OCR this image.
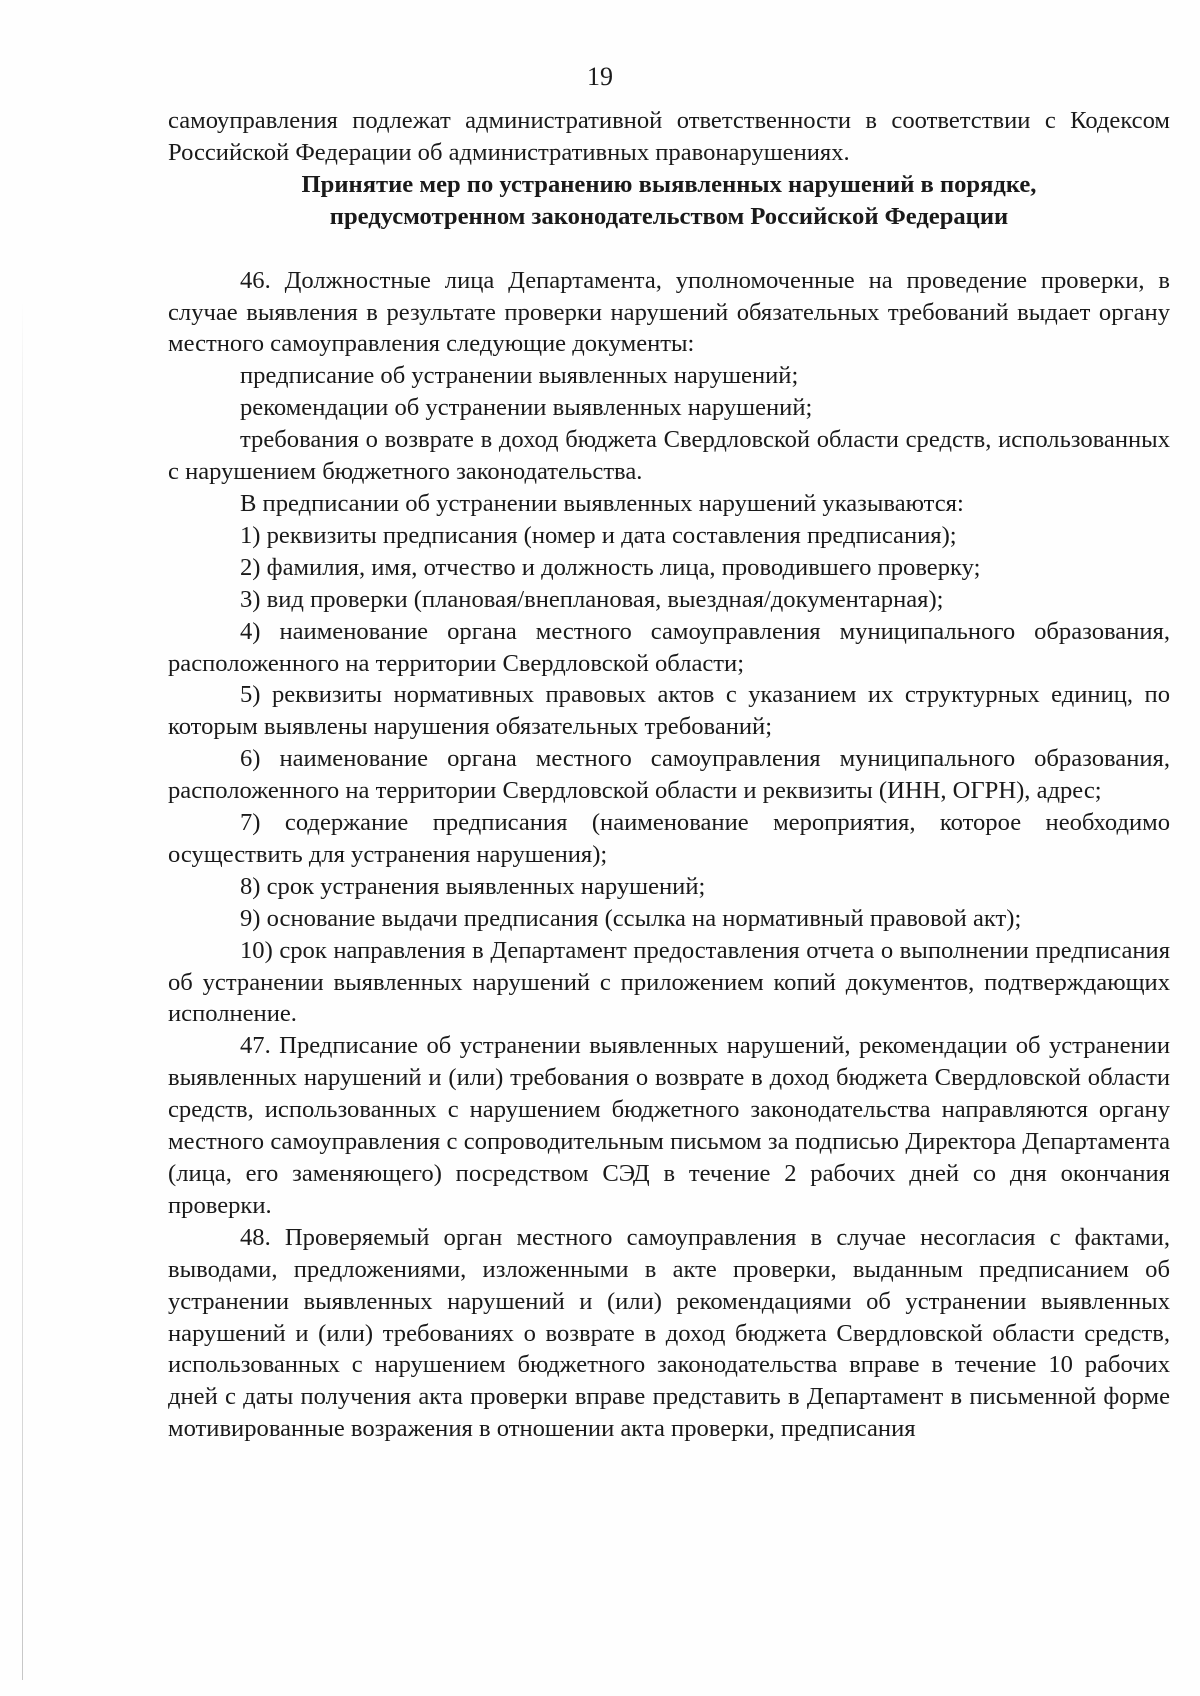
19

самоуправления подлежат административной ответственности в соответствии с Кодексом Российской Федерации об административных правонарушениях.

Принятие мер по устранению выявленных нарушений в порядке,
предусмотренном законодательством Российской Федерации

46. Должностные лица Департамента, уполномоченные на проведение проверки, в случае выявления в результате проверки нарушений обязательных требований выдает органу местного самоуправления следующие документы:

предписание об устранении выявленных нарушений;

рекомендации об устранении выявленных нарушений;

требования о возврате в доход бюджета Свердловской области средств, использованных с нарушением бюджетного законодательства.

В предписании об устранении выявленных нарушений указываются:

1) реквизиты предписания (номер и дата составления предписания);

2) фамилия, имя, отчество и должность лица, проводившего проверку;

3) вид проверки (плановая/внеплановая, выездная/документарная);

4) наименование органа местного самоуправления муниципального образования, расположенного на территории Свердловской области;

5) реквизиты нормативных правовых актов с указанием их структурных единиц, по которым выявлены нарушения обязательных требований;

6) наименование органа местного самоуправления муниципального образования, расположенного на территории Свердловской области и реквизиты (ИНН, ОГРН), адрес;

7) содержание предписания (наименование мероприятия, которое необходимо осуществить для устранения нарушения);

8) срок устранения выявленных нарушений;

9) основание выдачи предписания (ссылка на нормативный правовой акт);

10) срок направления в Департамент предоставления отчета о выполнении предписания об устранении выявленных нарушений с приложением копий документов, подтверждающих исполнение.

47. Предписание об устранении выявленных нарушений, рекомендации об устранении выявленных нарушений и (или) требования о возврате в доход бюджета Свердловской области средств, использованных с нарушением бюджетного законодательства направляются органу местного самоуправления с сопроводительным письмом за подписью Директора Департамента (лица, его заменяющего) посредством СЭД в течение 2 рабочих дней со дня окончания проверки.

48. Проверяемый орган местного самоуправления в случае несогласия с фактами, выводами, предложениями, изложенными в акте проверки, выданным предписанием об устранении выявленных нарушений и (или) рекомендациями об устранении выявленных нарушений и (или) требованиях о возврате в доход бюджета Свердловской области средств, использованных с нарушением бюджетного законодательства вправе в течение 10 рабочих дней с даты получения акта проверки вправе представить в Департамент в письменной форме мотивированные возражения в отношении акта проверки, предписания
